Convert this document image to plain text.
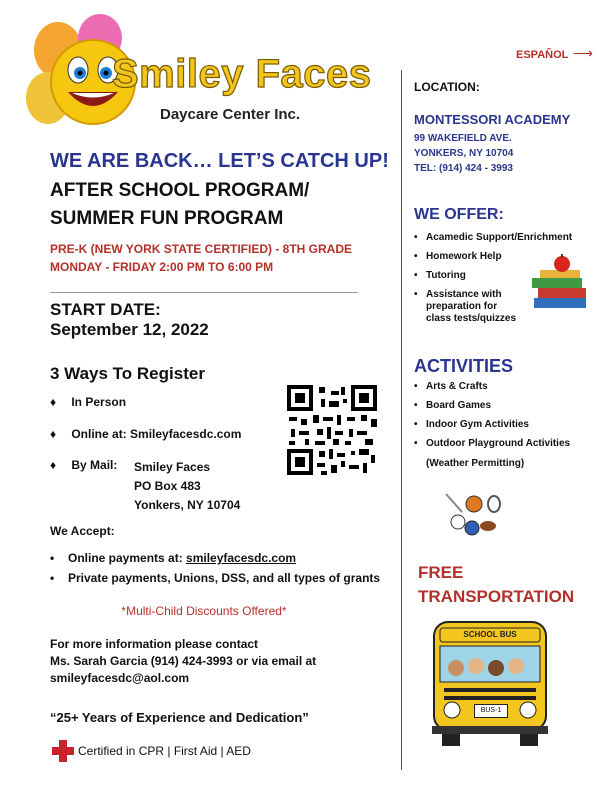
Smiley Faces
Daycare Center Inc.
ESPAÑOL ⟶
WE ARE BACK… LET’S CATCH UP!
AFTER SCHOOL PROGRAM/
SUMMER FUN PROGRAM
PRE-K (NEW YORK STATE CERTIFIED) - 8TH GRADE
MONDAY - FRIDAY 2:00 PM TO 6:00 PM
START DATE:
September 12, 2022
3 Ways To Register
♦ In Person
♦ Online at: Smileyfacesdc.com
♦ By Mail: Smiley Faces
PO Box 483
Yonkers, NY 10704
We Accept:
• Online payments at: smileyfacesdc.com
• Private payments, Unions, DSS, and all types of grants
*Multi-Child Discounts Offered*
For more information please contact
Ms. Sarah Garcia (914) 424-3993 or via email at
smileyfacesdc@aol.com
“25+ Years of Experience and Dedication”
Certified in CPR | First Aid | AED
LOCATION:
MONTESSORI ACADEMY
99 WAKEFIELD AVE.
YONKERS, NY 10704
TEL: (914) 424 - 3993
WE OFFER:
• Acamedic Support/Enrichment
• Homework Help
• Tutoring
• Assistance with preparation for class tests/quizzes
ACTIVITIES
• Arts & Crafts
• Board Games
• Indoor Gym Activities
• Outdoor Playground Activities
(Weather Permitting)
FREE
TRANSPORTATION
SCHOOL BUS
BUS-1
